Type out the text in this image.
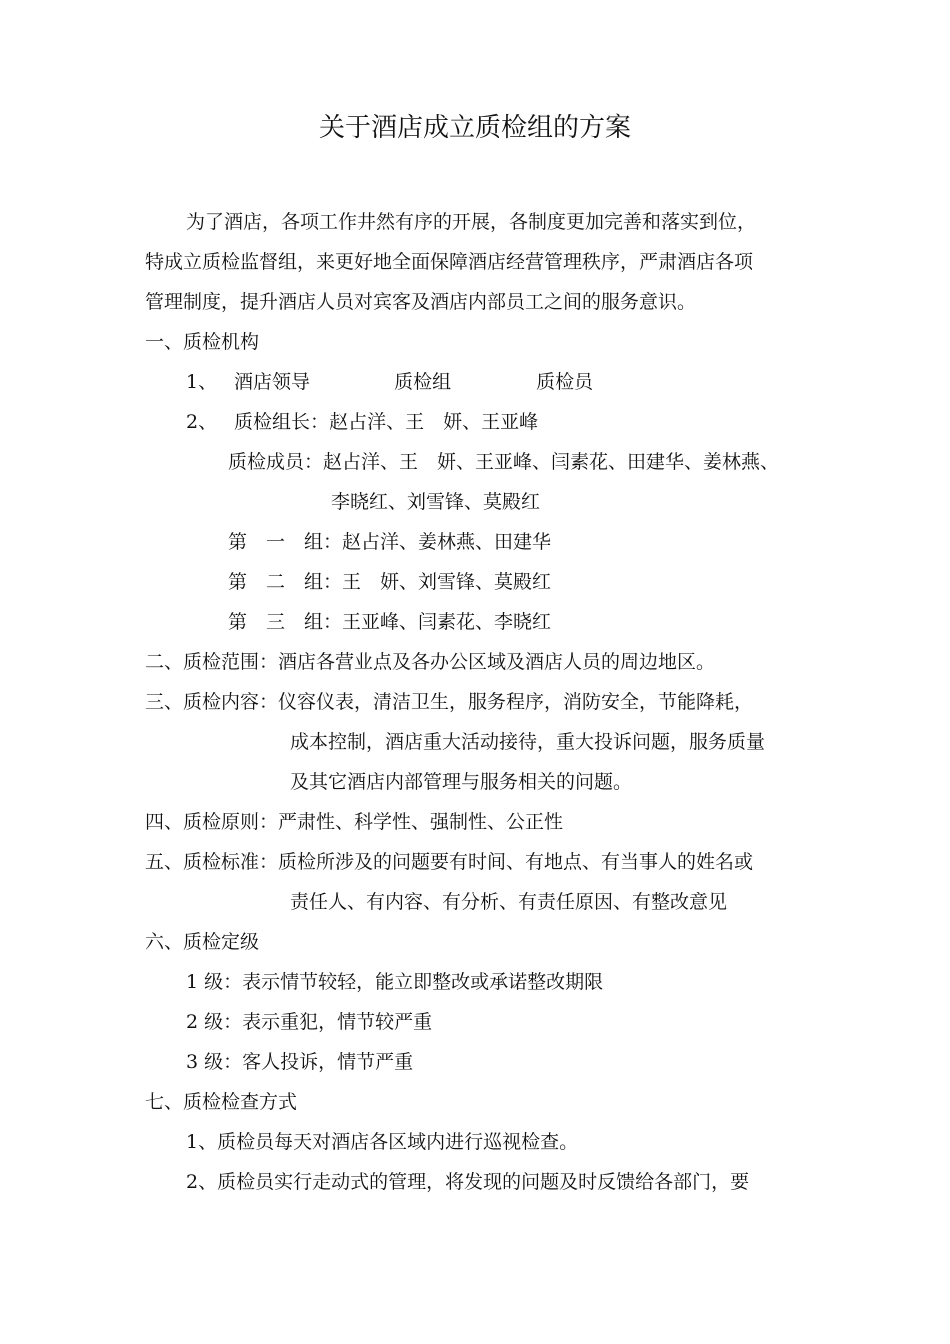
关于酒店成立质检组的方案
为了酒店，各项工作井然有序的开展，各制度更加完善和落实到位，
特成立质检监督组，来更好地全面保障酒店经营管理秩序，严肃酒店各项
管理制度，提升酒店人员对宾客及酒店内部员工之间的服务意识。
一、质检机构
1、 酒店领导	质检组	质检员
2、 质检组长：赵占洋、王　妍、王亚峰
质检成员：赵占洋、王　妍、王亚峰、闫素花、田建华、姜林燕、
李晓红、刘雪锋、莫殿红
第　一　组：赵占洋、姜林燕、田建华
第　二　组：王　妍、刘雪锋、莫殿红
第　三　组：王亚峰、闫素花、李晓红
二、质检范围：酒店各营业点及各办公区域及酒店人员的周边地区。
三、质检内容：仪容仪表，清洁卫生，服务程序，消防安全，节能降耗，
成本控制，酒店重大活动接待，重大投诉问题，服务质量
及其它酒店内部管理与服务相关的问题。
四、质检原则：严肃性、科学性、强制性、公正性
五、质检标准：质检所涉及的问题要有时间、有地点、有当事人的姓名或
责任人、有内容、有分析、有责任原因、有整改意见
六、质检定级
1 级：表示情节较轻，能立即整改或承诺整改期限
2 级：表示重犯，情节较严重
3 级：客人投诉，情节严重
七、质检检查方式
1、质检员每天对酒店各区域内进行巡视检查。
2、质检员实行走动式的管理，将发现的问题及时反馈给各部门，要
